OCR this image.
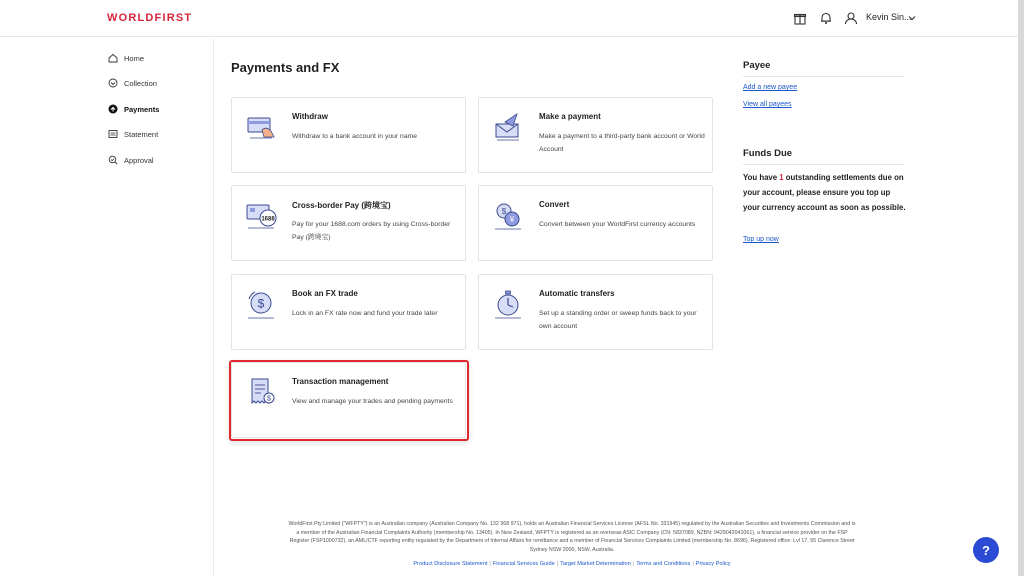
WORLDFIRST	Kevin Sin...
Home
Collection
Payments
Statement
Approval
Payments and FX
Withdraw
Withdraw to a bank account in your name
Make a payment
Make a payment to a third-party bank account or World Account
1688
Cross-border Pay (跨境宝)
Pay for your 1688.com orders by using Cross-border Pay (跨境宝)
$
¥
Convert
Convert between your WorldFirst currency accounts
$
Book an FX trade
Lock in an FX rate now and fund your trade later
Automatic transfers
Set up a standing order or sweep funds back to your own account
$
Transaction management
View and manage your trades and pending payments
Payee
Add a new payee
View all payees
Funds Due
You have 1 outstanding settlements due on your account, please ensure you top up your currency account as soon as possible.
Top up now
WorldFirst Pty Limited ("WFPTY") is an Australian company (Australian Company No. 132 368 971), holds an Australian Financial Services License (AFSL No. 331945) regulated by the Australian Securities and Investments Commission and is a member of the Australian Financial Complaints Authority (membership No. 13405). In New Zealand, WFPTY is registered as an overseas ASIC Company (CN: 5837089, NZBN: 9429042041061), a financial service provider on the FSP Register (FSP1000732), an AML/CTF reporting entity regulated by the Department of Internal Affairs for remittance and a member of Financial Services Complaints Limited (membership No. 8696). Registered office: Lvl 17, 55 Clarence Street Sydney NSW 2000, NSW, Australia.
Product Disclosure Statement | Financial Services Guide | Target Market Determination | Terms and Conditions | Privacy Policy
?
